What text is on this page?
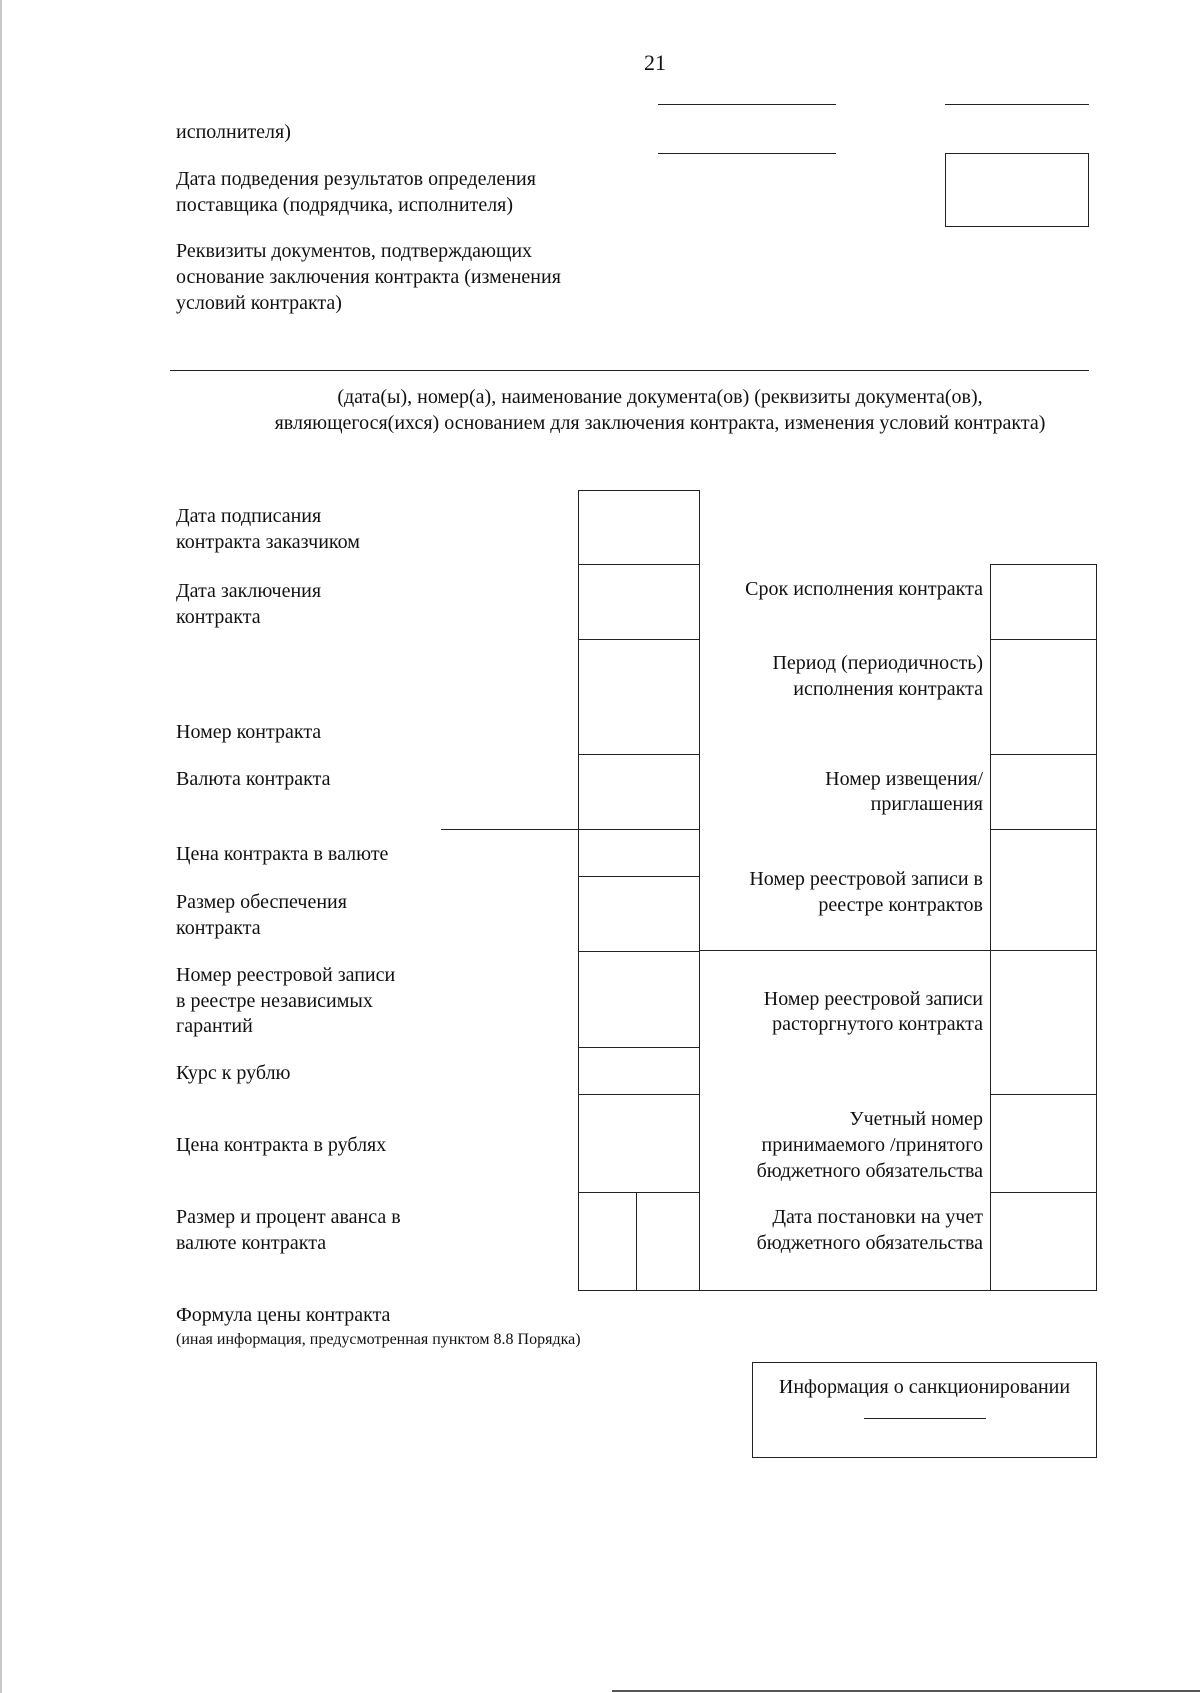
21
исполнителя)
Дата подведения результатов определения
поставщика (подрядчика, исполнителя)
Реквизиты документов, подтверждающих
основание заключения контракта (изменения
условий контракта)
(дата(ы), номер(а), наименование документа(ов) (реквизиты документа(ов),
являющегося(ихся) основанием для заключения контракта, изменения условий контракта)
Дата подписания
контракта заказчиком
Дата заключения
контракта
Номер контракта
Валюта контракта
Цена контракта в валюте
Размер обеспечения
контракта
Номер реестровой записи
в реестре независимых
гарантий
Курс к рублю
Цена контракта в рублях
Размер и процент аванса в
валюте контракта
Срок исполнения контракта
Период (периодичность)
исполнения контракта
Номер извещения/
приглашения
Номер реестровой записи в
реестре контрактов
Номер реестровой записи
расторгнутого контракта
Учетный номер
принимаемого /принятого
бюджетного обязательства
Дата постановки на учет
бюджетного обязательства
Формула цены контракта
(иная информация, предусмотренная пунктом 8.8 Порядка)
Информация о санкционировании
